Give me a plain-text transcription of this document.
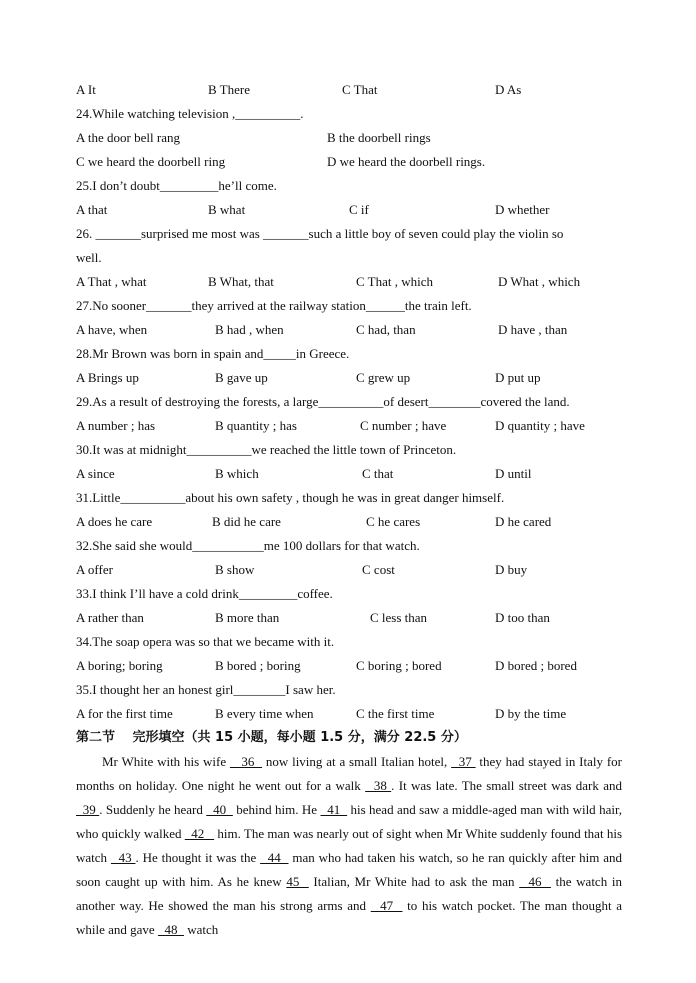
A It	B There	C That	D As
24.While watching television ,__________.
A the door bell rang	B the doorbell rings
C we heard the doorbell ring	D we heard the doorbell rings.
25.I don’t doubt_________he’ll come.
A that	B what	C if	D whether
26. _______surprised me most was _______such a little boy of seven could play the violin so
well.
A That , what	B What, that	C That , which	D What , which
27.No sooner_______they arrived at the railway station______the train left.
A have, when	B had , when	C had, than	D have , than
28.Mr Brown was born in spain and_____in Greece.
A Brings up	B gave up	C grew up	D put up
29.As a result of destroying the forests, a large__________of desert________covered the land.
A number ; has	B quantity ; has	C number ; have	D quantity ; have
30.It was at midnight__________we reached the little town of Princeton.
A since	B which	C that	D until
31.Little__________about his own safety , though he was in great danger himself.
A does he care	B did he care	C he cares	D he cared
32.She said she would___________me 100 dollars for that watch.
A offer	B show	C cost	D buy
33.I think I’ll have a cold drink_________coffee.
A rather than	B more than	C less than	D too than
34.The soap opera was so that we became with it.
A boring; boring	B bored ; boring	C boring ; bored	D bored ; bored
35.I thought her an honest girl________I saw her.
A for the first time	B every time when	C the first time	D by the time
第二节　 完形填空（共 15 小题，每小题 1.5 分，满分 22.5 分）
Mr White with his wife    36   now living at a small Italian hotel,   37  they had stayed in Italy for months on holiday. One night he went out for a walk   38 . It was late. The small street was dark and   39 . Suddenly he heard   40   behind him. He   41   his head and saw a middle-aged man with wild hair, who quickly walked   42    him. The man was nearly out of sight when Mr White suddenly found that his watch   43 . He thought it was the   44   man who had taken his watch, so he ran quickly after him and soon caught up with him. As he knew 45   Italian, Mr White had to ask the man   46   the watch in another way. He showed the man his strong arms and   47   to his watch pocket. The man thought a while and gave   48   watch
